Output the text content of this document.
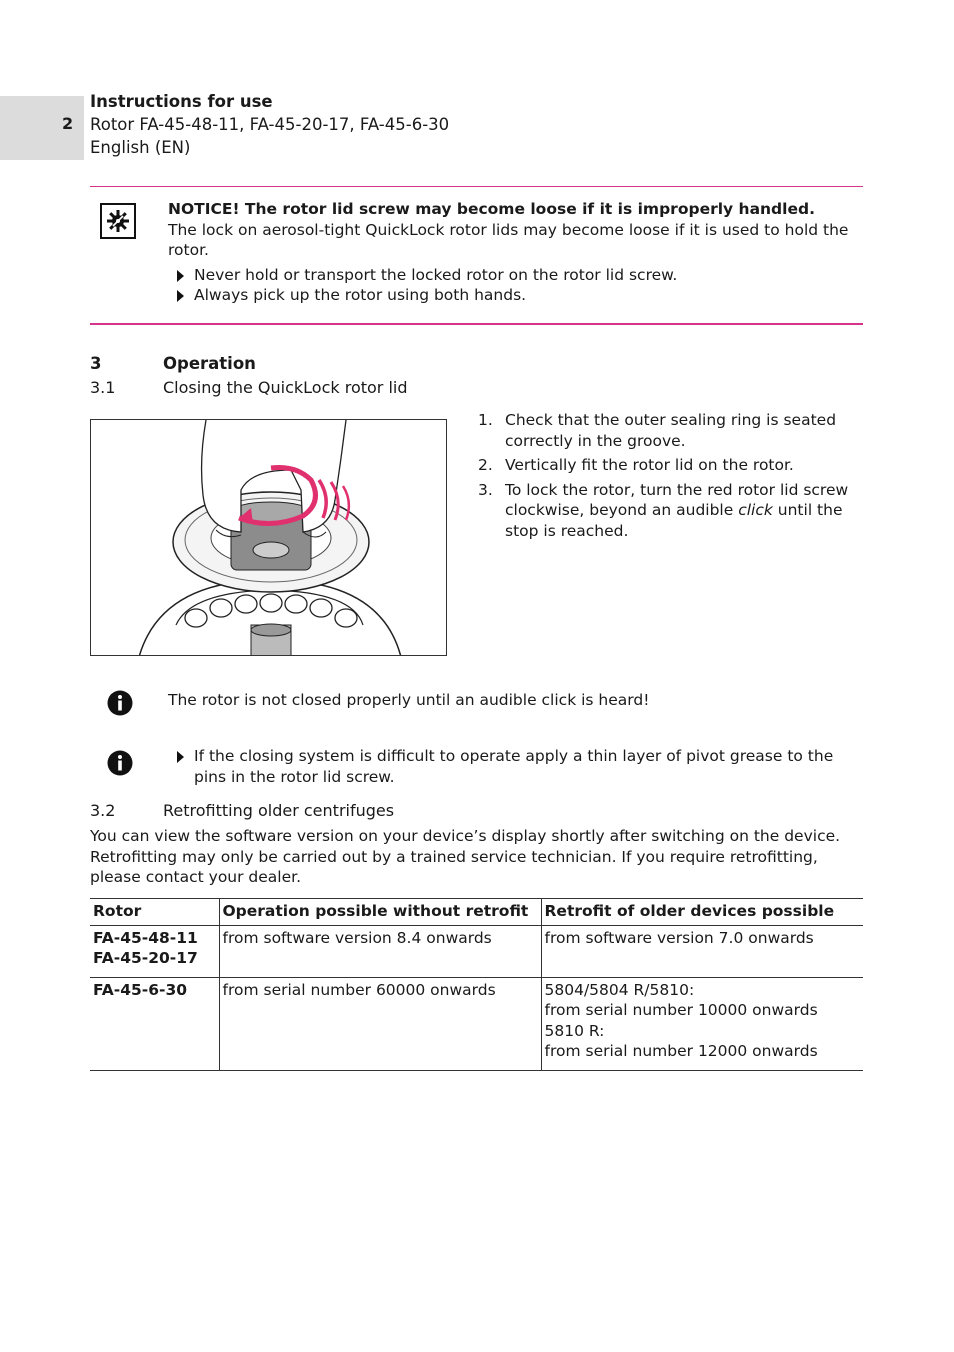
2
Instructions for use
Rotor FA-45-48-11, FA-45-20-17, FA-45-6-30
English (EN)
NOTICE! The rotor lid screw may become loose if it is improperly handled.
The lock on aerosol-tight QuickLock rotor lids may become loose if it is used to hold the rotor.
Never hold or transport the locked rotor on the rotor lid screw.
Always pick up the rotor using both hands.
3	Operation
3.1	Closing the QuickLock rotor lid
1. Check that the outer sealing ring is seated correctly in the groove.
2. Vertically fit the rotor lid on the rotor.
3. To lock the rotor, turn the red rotor lid screw clockwise, beyond an audible click until the stop is reached.
The rotor is not closed properly until an audible click is heard!
If the closing system is difficult to operate apply a thin layer of pivot grease to the pins in the rotor lid screw.
3.2	Retrofitting older centrifuges
You can view the software version on your device’s display shortly after switching on the device. Retrofitting may only be carried out by a trained service technician. If you require retrofitting, please contact your dealer.
Rotor	Operation possible without retrofit	Retrofit of older devices possible

FA-45-48-11
FA-45-20-17	from software version 8.4 onwards	from software version 7.0 onwards

FA-45-6-30	from serial number 60000 onwards	5804/5804 R/5810:
from serial number 10000 onwards
5810 R:
from serial number 12000 onwards
